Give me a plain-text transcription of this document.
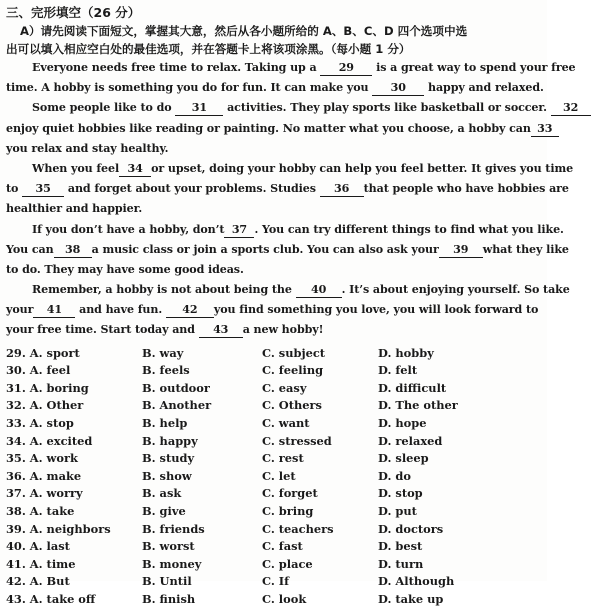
三、完形填空（26 分）
A）请先阅读下面短文，掌握其大意，然后从各小题所给的 A、B、C、D 四个选项中选
出可以填入相应空白处的最佳选项，并在答题卡上将该项涂黑。（每小题 1 分）
Everyone needs free time to relax. Taking up a 29 is a great way to spend your free
time. A hobby is something you do for fun. It can make you 30 happy and relaxed.
Some people like to do 31 activities. They play sports like basketball or soccer. 32
enjoy quiet hobbies like reading or painting. No matter what you choose, a hobby can 33
you relax and stay healthy.
When you feel 34 or upset, doing your hobby can help you feel better. It gives you time
to 35 and forget about your problems. Studies 36 that people who have hobbies are
healthier and happier.
If you don’t have a hobby, don’t 37 . You can try different things to find what you like.
You can 38 a music class or join a sports club. You can also ask your 39 what they like
to do. They may have some good ideas.
Remember, a hobby is not about being the 40 . It’s about enjoying yourself. So take
your 41 and have fun. 42 you find something you love, you will look forward to
your free time. Start today and 43 a new hobby!
29. A. sport	B. way	C. subject	D. hobby
30. A. feel	B. feels	C. feeling	D. felt
31. A. boring	B. outdoor	C. easy	D. difficult
32. A. Other	B. Another	C. Others	D. The other
33. A. stop	B. help	C. want	D. hope
34. A. excited	B. happy	C. stressed	D. relaxed
35. A. work	B. study	C. rest	D. sleep
36. A. make	B. show	C. let	D. do
37. A. worry	B. ask	C. forget	D. stop
38. A. take	B. give	C. bring	D. put
39. A. neighbors	B. friends	C. teachers	D. doctors
40. A. last	B. worst	C. fast	D. best
41. A. time	B. money	C. place	D. turn
42. A. But	B. Until	C. If	D. Although
43. A. take off	B. finish	C. look	D. take up
